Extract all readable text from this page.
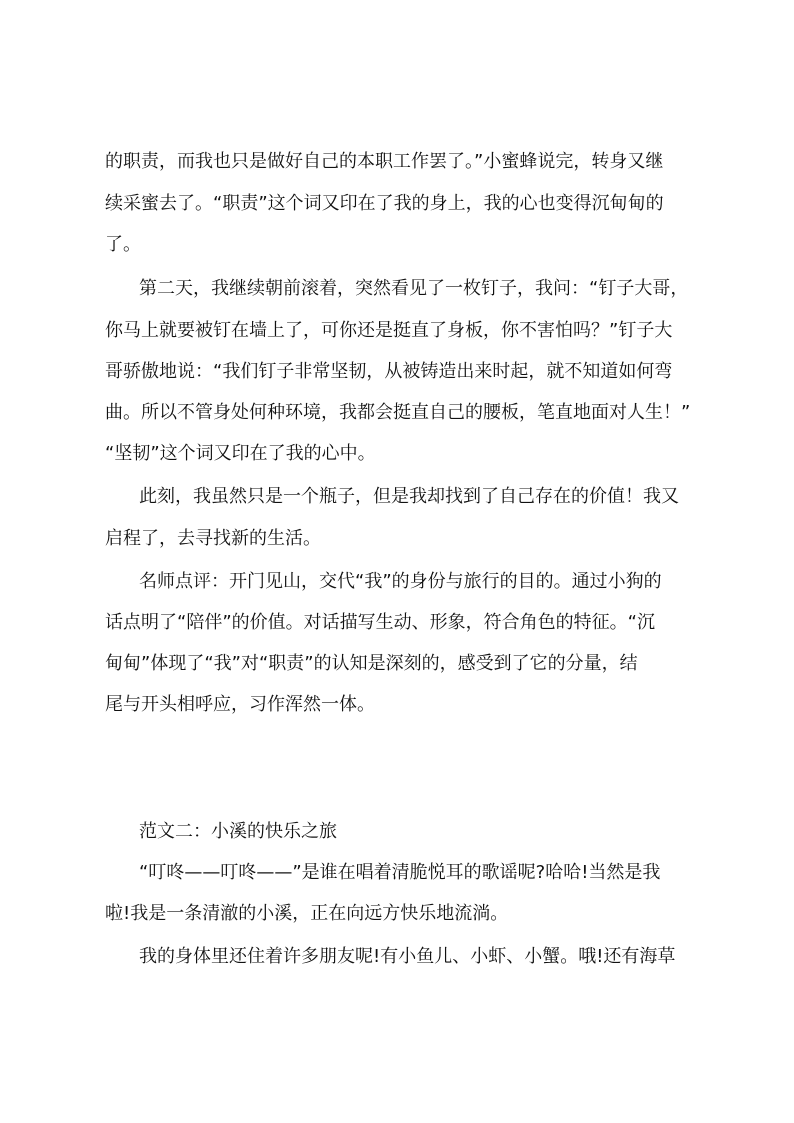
的职责，而我也只是做好自己的本职工作罢了。”小蜜蜂说完，转身又继
续采蜜去了。“职责”这个词又印在了我的身上，我的心也变得沉甸甸的
了。
第二天，我继续朝前滚着，突然看见了一枚钉子，我问：“钉子大哥，
你马上就要被钉在墙上了，可你还是挺直了身板，你不害怕吗？”钉子大
哥骄傲地说：“我们钉子非常坚韧，从被铸造出来时起，就不知道如何弯
曲。所以不管身处何种环境，我都会挺直自己的腰板，笔直地面对人生！”
“坚韧”这个词又印在了我的心中。
此刻，我虽然只是一个瓶子，但是我却找到了自己存在的价值！我又
启程了，去寻找新的生活。
名师点评：开门见山，交代“我”的身份与旅行的目的。通过小狗的
话点明了“陪伴”的价值。对话描写生动、形象，符合角色的特征。“沉
甸甸”体现了“我”对“职责”的认知是深刻的，感受到了它的分量，结
尾与开头相呼应，习作浑然一体。
范文二：小溪的快乐之旅
“叮咚——叮咚——”是谁在唱着清脆悦耳的歌谣呢?哈哈!当然是我
啦!我是一条清澈的小溪，正在向远方快乐地流淌。
我的身体里还住着许多朋友呢!有小鱼儿、小虾、小蟹。哦!还有海草
